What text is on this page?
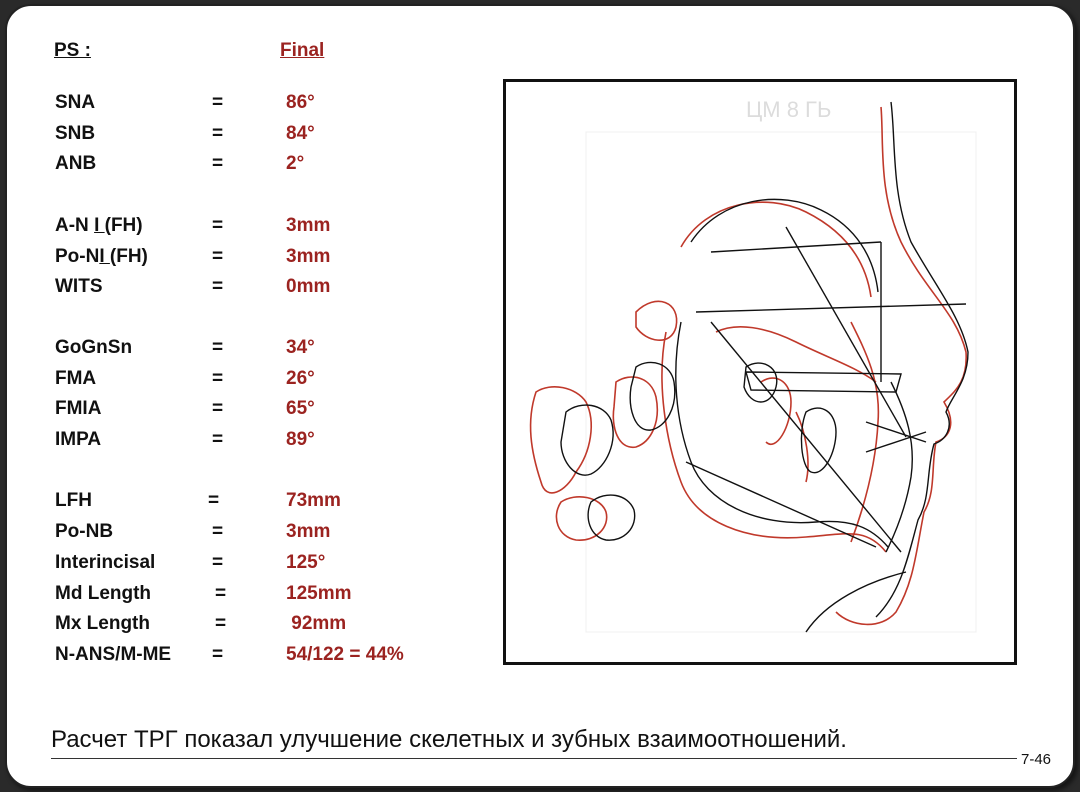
PS :	Final
SNA	=	86°
SNB	=	84°
ANB	=	2°
A-N I (FH)	=	3mm
Po-NI (FH)	=	3mm
WITS	=	0mm
GoGnSn	=	34°
FMA	=	26°
FMIA	=	65°
IMPA	=	89°
LFH	=	73mm
Po-NB	=	3mm
Interincisal	=	125°
Md Length	=	125mm
Mx Length	=	92mm
N-ANS/M-ME =	54/122 = 44%
ЦМ 8 ГЬ
Расчет ТРГ показал улучшение скелетных и зубных взаимоотношений.
7-46
